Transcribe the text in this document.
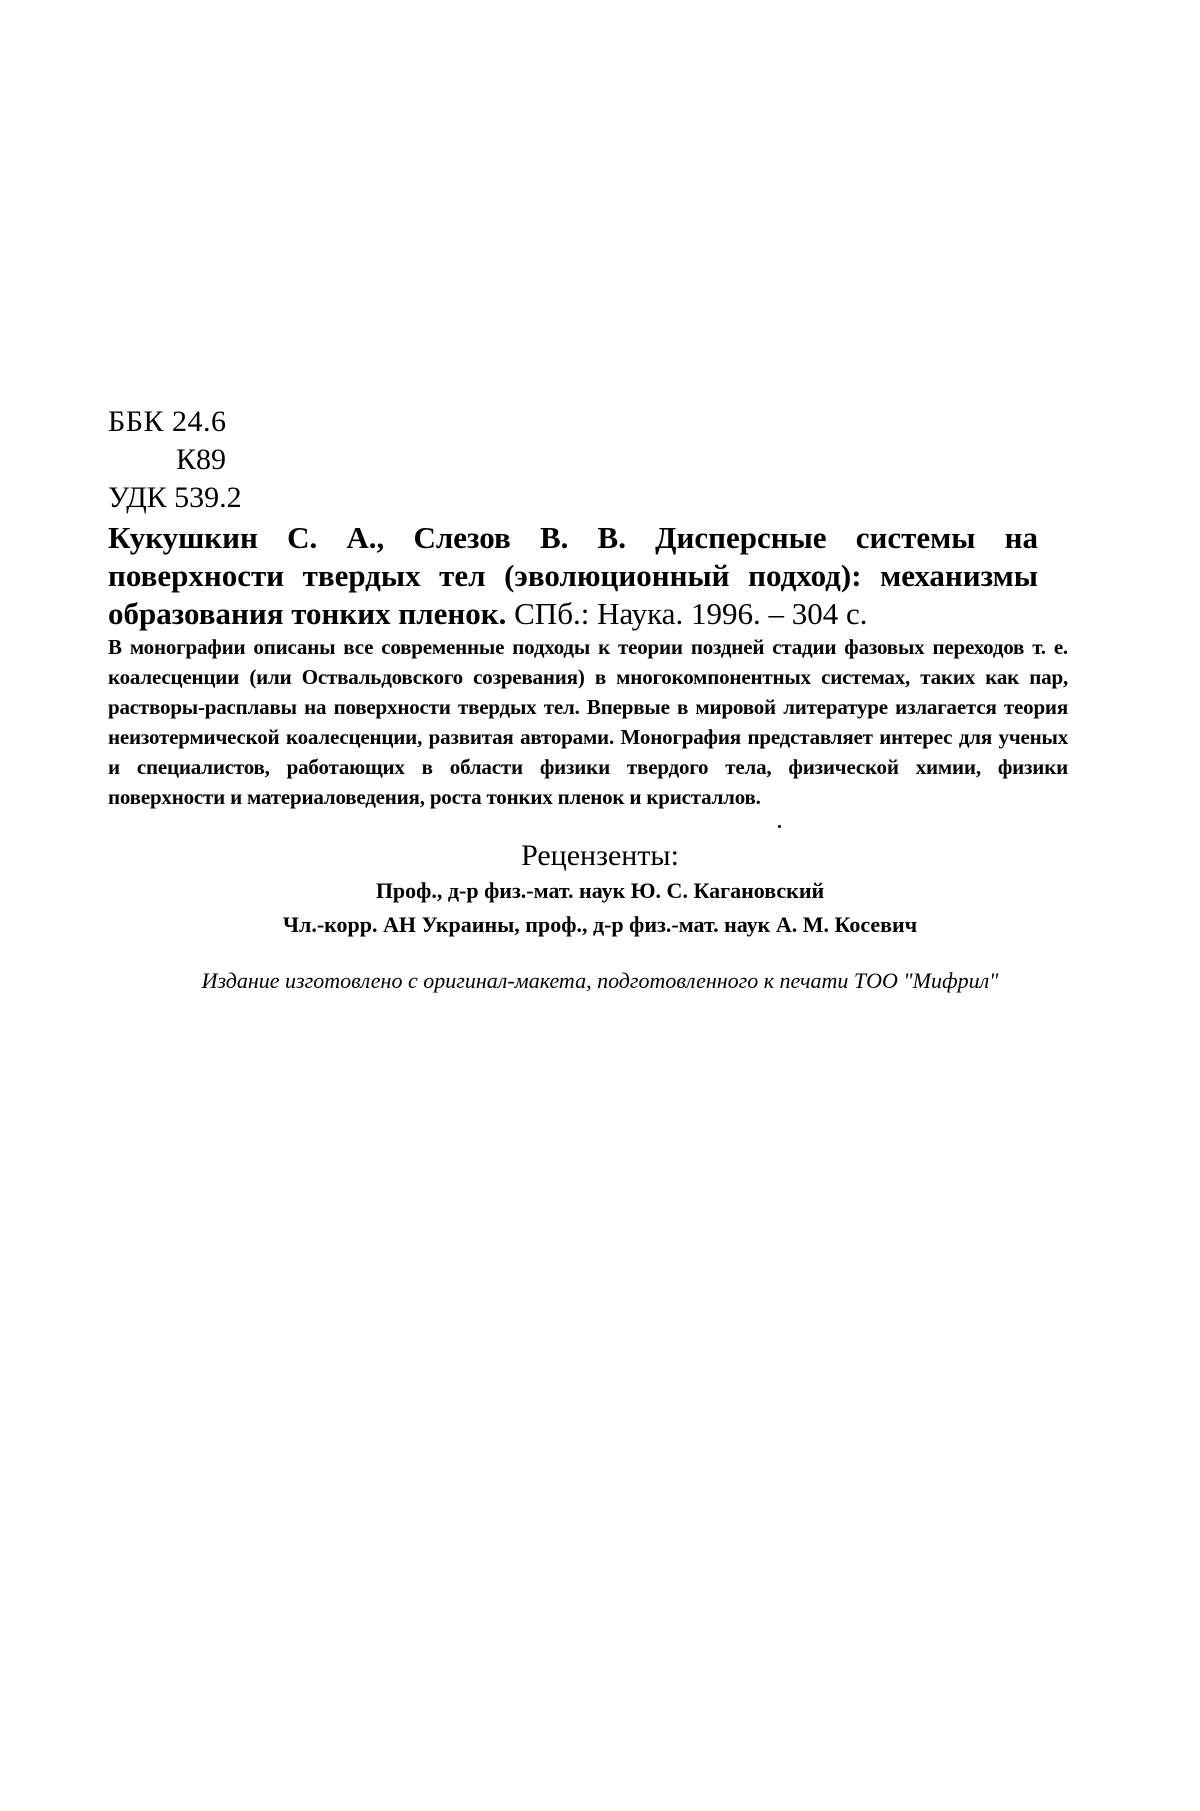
ББК 24.6
К89
УДК 539.2
Кукушкин С. А., Слезов В. В. Дисперсные системы на поверхности твердых тел (эволюционный подход): механизмы образования тонких пленок. СПб.: Наука. 1996. – 304 с.
В монографии описаны все современные подходы к теории поздней стадии фазовых переходов т. е. коалесценции (или Оствальдовского созревания) в многокомпонентных системах, таких как пар, растворы-расплавы на поверхности твердых тел. Впервые в мировой литературе излагается теория неизотермической коалесценции, развитая авторами. Монография представляет интерес для ученых и специалистов, работающих в области физики твердого тела, физической химии, физики поверхности и материаловедения, роста тонких пленок и кристаллов.
Рецензенты:
Проф., д-р физ.-мат. наук Ю. С. Кагановский
Чл.-корр. АН Украины, проф., д-р физ.-мат. наук А. М. Косевич
Издание изготовлено с оригинал-макета, подготовленного к печати ТОО "Мифрил"
